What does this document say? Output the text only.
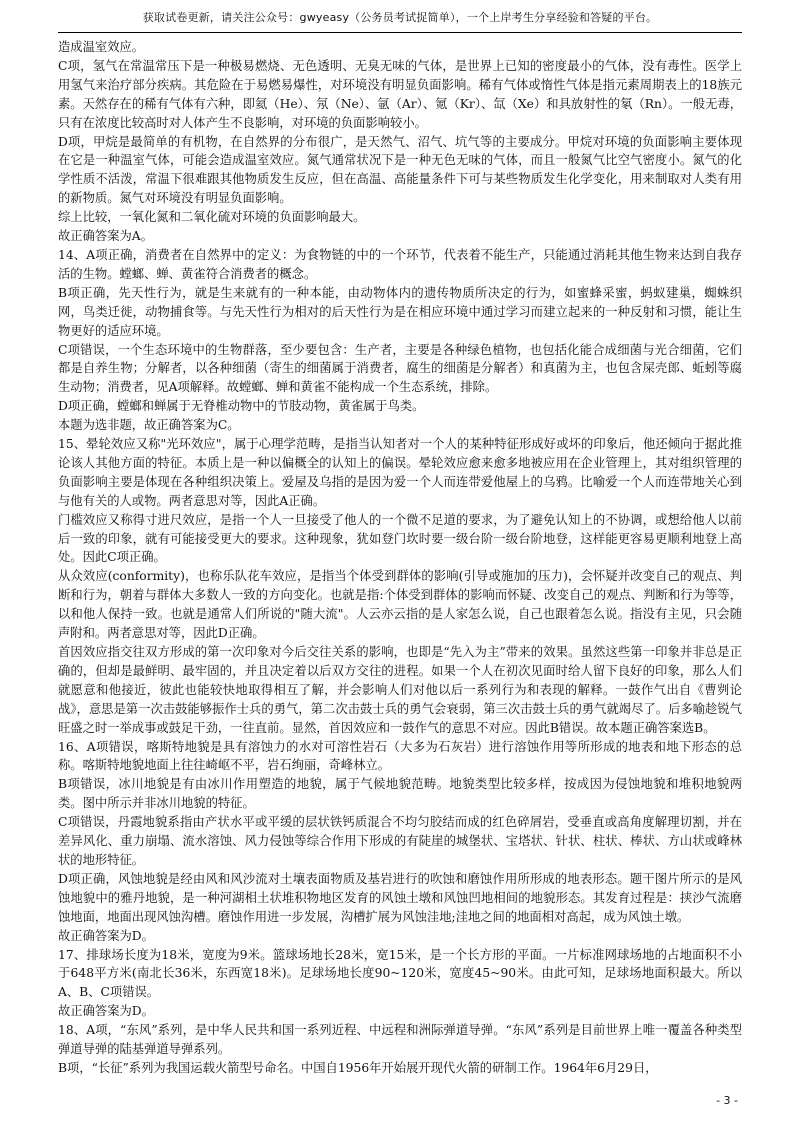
获取试卷更新，请关注公众号：gwyeasy（公务员考试捉简单），一个上岸考生分享经验和答疑的平台。

造成温室效应。

C项，氢气在常温常压下是一种极易燃烧、无色透明、无臭无味的气体，是世界上已知的密度最小的气体，没有毒性。医学上用氢气来治疗部分疾病。其危险在于易燃易爆性，对环境没有明显负面影响。稀有气体或惰性气体是指元素周期表上的18族元素。天然存在的稀有气体有六种，即氦（He）、氖（Ne）、氩（Ar）、氪（Kr）、氙（Xe）和具放射性的氡（Rn）。一般无毒，只有在浓度比较高时对人体产生不良影响，对环境的负面影响较小。

D项，甲烷是最简单的有机物，在自然界的分布很广，是天然气、沼气、坑气等的主要成分。甲烷对环境的负面影响主要体现在它是一种温室气体，可能会造成温室效应。氮气通常状况下是一种无色无味的气体，而且一般氮气比空气密度小。氮气的化学性质不活泼，常温下很难跟其他物质发生反应，但在高温、高能量条件下可与某些物质发生化学变化，用来制取对人类有用的新物质。氮气对环境没有明显负面影响。

综上比较，一氧化氮和二氧化硫对环境的负面影响最大。

故正确答案为A。

14、A项正确，消费者在自然界中的定义：为食物链的中的一个环节，代表着不能生产，只能通过消耗其他生物来达到自我存活的生物。螳螂、蝉、黄雀符合消费者的概念。

B项正确，先天性行为，就是生来就有的一种本能，由动物体内的遗传物质所决定的行为，如蜜蜂采蜜，蚂蚁建巢，蜘蛛织网，鸟类迁徙，动物捕食等。与先天性行为相对的后天性行为是在相应环境中通过学习而建立起来的一种反射和习惯，能让生物更好的适应环境。

C项错误，一个生态环境中的生物群落，至少要包含：生产者，主要是各种绿色植物，也包括化能合成细菌与光合细菌，它们都是自养生物；分解者，以各种细菌（寄生的细菌属于消费者，腐生的细菌是分解者）和真菌为主，也包含屎壳郎、蚯蚓等腐生动物；消费者，见A项解释。故螳螂、蝉和黄雀不能构成一个生态系统，排除。

D项正确，螳螂和蝉属于无脊椎动物中的节肢动物，黄雀属于鸟类。

本题为选非题，故正确答案为C。

15、晕轮效应又称"光环效应"，属于心理学范畴，是指当认知者对一个人的某种特征形成好或坏的印象后，他还倾向于据此推论该人其他方面的特征。本质上是一种以偏概全的认知上的偏误。晕轮效应愈来愈多地被应用在企业管理上，其对组织管理的负面影响主要是体现在各种组织决策上。爱屋及乌指的是因为爱一个人而连带爱他屋上的乌鸦。比喻爱一个人而连带地关心到与他有关的人或物。两者意思对等，因此A正确。

门槛效应又称得寸进尺效应，是指一个人一旦接受了他人的一个微不足道的要求，为了避免认知上的不协调，或想给他人以前后一致的印象，就有可能接受更大的要求。这种现象，犹如登门坎时要一级台阶一级台阶地登，这样能更容易更顺利地登上高处。因此C项正确。

从众效应(conformity)，也称乐队花车效应，是指当个体受到群体的影响(引导或施加的压力)，会怀疑并改变自己的观点、判断和行为，朝着与群体大多数人一致的方向变化。也就是指:个体受到群体的影响而怀疑、改变自己的观点、判断和行为等等，以和他人保持一致。也就是通常人们所说的"随大流"。人云亦云指的是人家怎么说，自己也跟着怎么说。指没有主见，只会随声附和。两者意思对等，因此D正确。

首因效应指交往双方形成的第一次印象对今后交往关系的影响，也即是“先入为主”带来的效果。虽然这些第一印象并非总是正确的，但却是最鲜明、最牢固的，并且决定着以后双方交往的进程。如果一个人在初次见面时给人留下良好的印象，那么人们就愿意和他接近，彼此也能较快地取得相互了解，并会影响人们对他以后一系列行为和表现的解释。一鼓作气出自《曹刿论战》，意思是第一次击鼓能够振作士兵的勇气，第二次击鼓士兵的勇气会衰弱，第三次击鼓士兵的勇气就竭尽了。后多喻趁锐气旺盛之时一举成事或鼓足干劲，一往直前。显然，首因效应和一鼓作气的意思不对应。因此B错误。故本题正确答案选B。

16、A项错误，喀斯特地貌是具有溶蚀力的水对可溶性岩石（大多为石灰岩）进行溶蚀作用等所形成的地表和地下形态的总称。喀斯特地貌地面上往往崎岖不平，岩石绚丽，奇峰林立。

B项错误，冰川地貌是有由冰川作用塑造的地貌，属于气候地貌范畴。地貌类型比较多样，按成因为侵蚀地貌和堆积地貌两类。图中所示并非冰川地貌的特征。

C项错误，丹霞地貌系指由产状水平或平缓的层状铁钙质混合不均匀胶结而成的红色碎屑岩，受垂直或高角度解理切割，并在差异风化、重力崩塌、流水溶蚀、风力侵蚀等综合作用下形成的有陡崖的城堡状、宝塔状、针状、柱状、棒状、方山状或峰林状的地形特征。

D项正确，风蚀地貌是经由风和风沙流对土壤表面物质及基岩进行的吹蚀和磨蚀作用所形成的地表形态。题干图片所示的是风蚀地貌中的雅丹地貌，是一种河湖相土状堆积物地区发育的风蚀土墩和风蚀凹地相间的地貌形态。其发育过程是：挟沙气流磨蚀地面，地面出现风蚀沟槽。磨蚀作用进一步发展，沟槽扩展为风蚀洼地;洼地之间的地面相对高起，成为风蚀土墩。

故正确答案为D。

17、排球场长度为18米，宽度为9米。篮球场地长28米，宽15米，是一个长方形的平面。一片标准网球场地的占地面积不小于648平方米(南北长36米，东西宽18米)。足球场地长度90~120米，宽度45~90米。由此可知，足球场地面积最大。所以A、B、C项错误。

故正确答案为D。

18、A项，“东风”系列，是中华人民共和国一系列近程、中远程和洲际弹道导弹。“东风”系列是目前世界上唯一覆盖各种类型弹道导弹的陆基弹道导弹系列。

B项，“长征”系列为我国运载火箭型号命名。中国自1956年开始展开现代火箭的研制工作。1964年6月29日，

- 3 -
